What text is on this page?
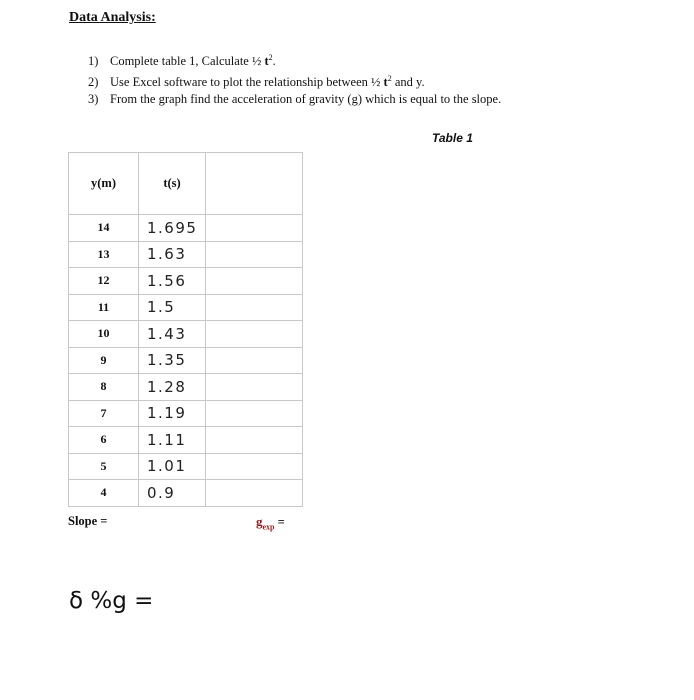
Data Analysis:
1) Complete table 1, Calculate ½ $t^2$.
2) Use Excel software to plot the relationship between ½ $t^2$ and y.
3) From the graph find the acceleration of gravity (g) which is equal to the slope.
Table 1
y(m)	t(s)	
14	1.695	
13	1.63	
12	1.56	
11	1.5	
10	1.43	
9	1.35	
8	1.28	
7	1.19	
6	1.11	
5	1.01	
4	0.9	
Slope =	$g_{exp}$ =
δ %g =
